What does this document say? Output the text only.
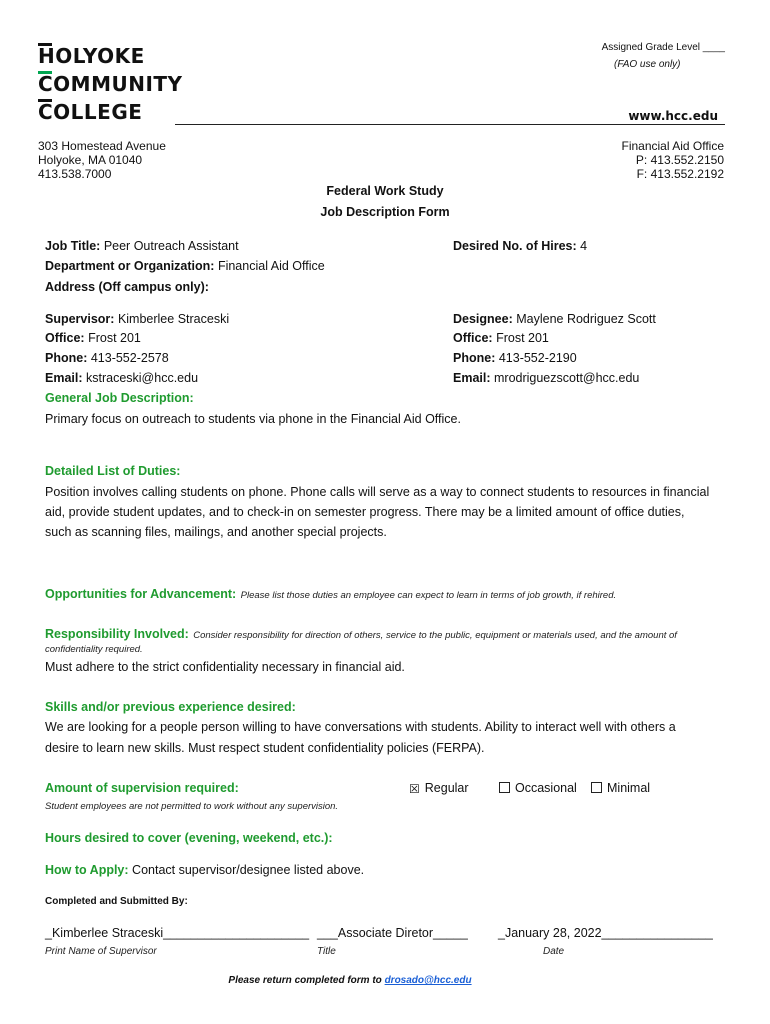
HOLYOKE
COMMUNITY
COLLEGE
Assigned Grade Level ____
(FAO use only)
www.hcc.edu
303 Homestead Avenue
Holyoke, MA 01040
413.538.7000
Financial Aid Office
P: 413.552.2150
F: 413.552.2192
Federal Work Study
Job Description Form
Job Title: Peer Outreach Assistant	Desired No. of Hires: 4
Department or Organization: Financial Aid Office
Address (Off campus only):
Supervisor: Kimberlee Straceski
Office: Frost 201
Phone: 413-552-2578
Email: kstraceski@hcc.edu
Designee: Maylene Rodriguez Scott
Office: Frost 201
Phone: 413-552-2190
Email: mrodriguezscott@hcc.edu
General Job Description:
Primary focus on outreach to students via phone in the Financial Aid Office.
Detailed List of Duties:
Position involves calling students on phone. Phone calls will serve as a way to connect students to resources in financial
aid, provide student updates, and to check-in on semester progress. There may be a limited amount of office duties,
such as scanning files, mailings, and another special projects.
Opportunities for Advancement: Please list those duties an employee can expect to learn in terms of job growth, if rehired.
Responsibility Involved: Consider responsibility for direction of others, service to the public, equipment or materials used, and the amount of
confidentiality required.
Must adhere to the strict confidentiality necessary in financial aid.
Skills and/or previous experience desired:
We are looking for a people person willing to have conversations with students. Ability to interact well with others a
desire to learn new skills. Must respect student confidentiality policies (FERPA).
Amount of supervision required:	☒ Regular	Occasional	Minimal
Student employees are not permitted to work without any supervision.
Hours desired to cover (evening, weekend, etc.):
How to Apply: Contact supervisor/designee listed above.
Completed and Submitted By:
_Kimberlee Straceski_____________________
Print Name of Supervisor
___Associate Diretor_____
Title
_January 28, 2022________________
Date
Please return completed form to drosado@hcc.edu
